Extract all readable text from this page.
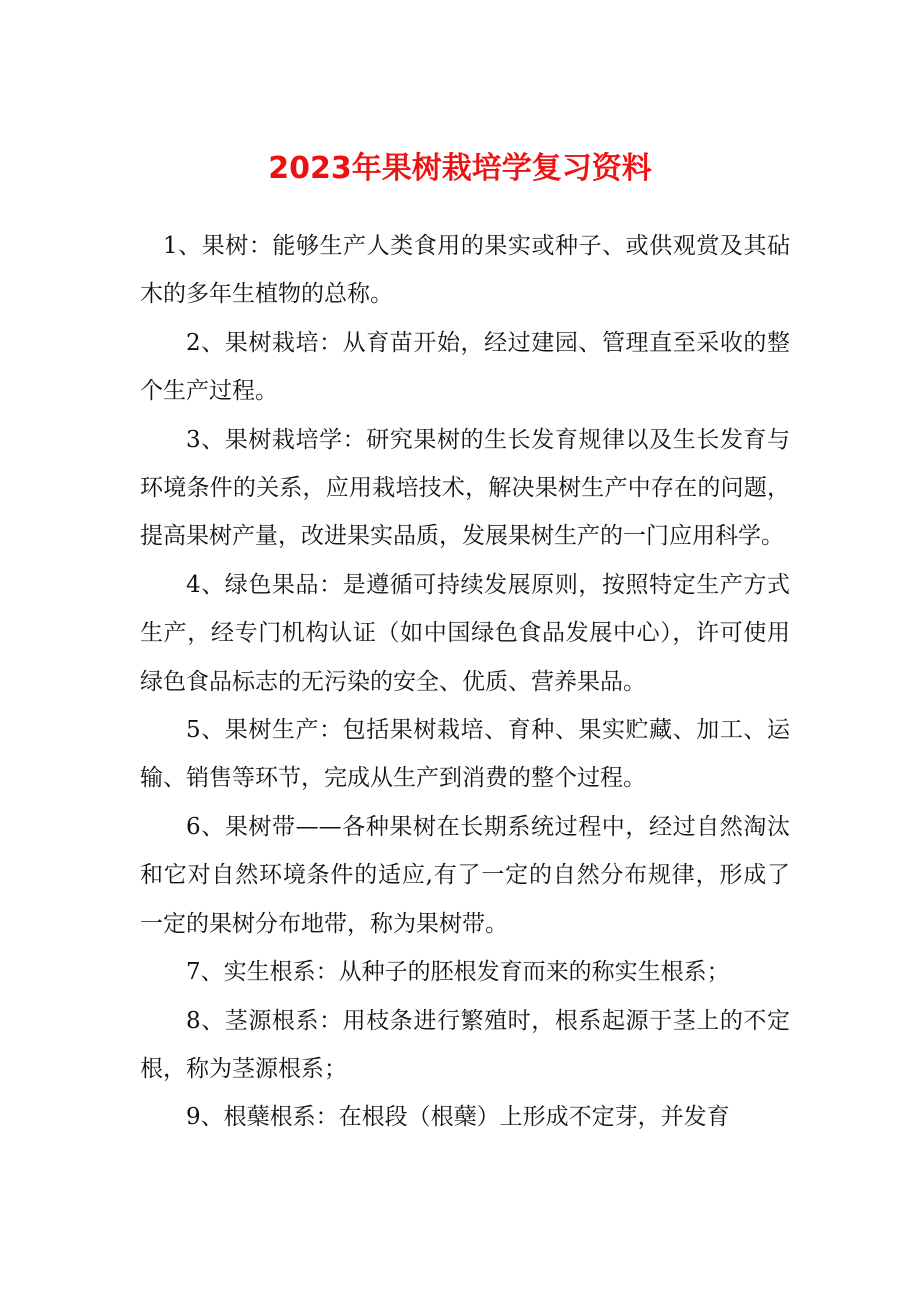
2023年果树栽培学复习资料

1、果树：能够生产人类食用的果实或种子、或供观赏及其砧木的多年生植物的总称。

2、果树栽培：从育苗开始，经过建园、管理直至采收的整个生产过程。

3、果树栽培学：研究果树的生长发育规律以及生长发育与环境条件的关系，应用栽培技术，解决果树生产中存在的问题，提高果树产量，改进果实品质，发展果树生产的一门应用科学。

4、绿色果品：是遵循可持续发展原则，按照特定生产方式生产，经专门机构认证（如中国绿色食品发展中心），许可使用绿色食品标志的无污染的安全、优质、营养果品。

5、果树生产：包括果树栽培、育种、果实贮藏、加工、运输、销售等环节，完成从生产到消费的整个过程。

6、果树带——各种果树在长期系统过程中，经过自然淘汰和它对自然环境条件的适应,有了一定的自然分布规律，形成了一定的果树分布地带，称为果树带。

7、实生根系：从种子的胚根发育而来的称实生根系；

8、茎源根系：用枝条进行繁殖时，根系起源于茎上的不定根，称为茎源根系；

9、根蘖根系：在根段（根蘖）上形成不定芽，并发育
